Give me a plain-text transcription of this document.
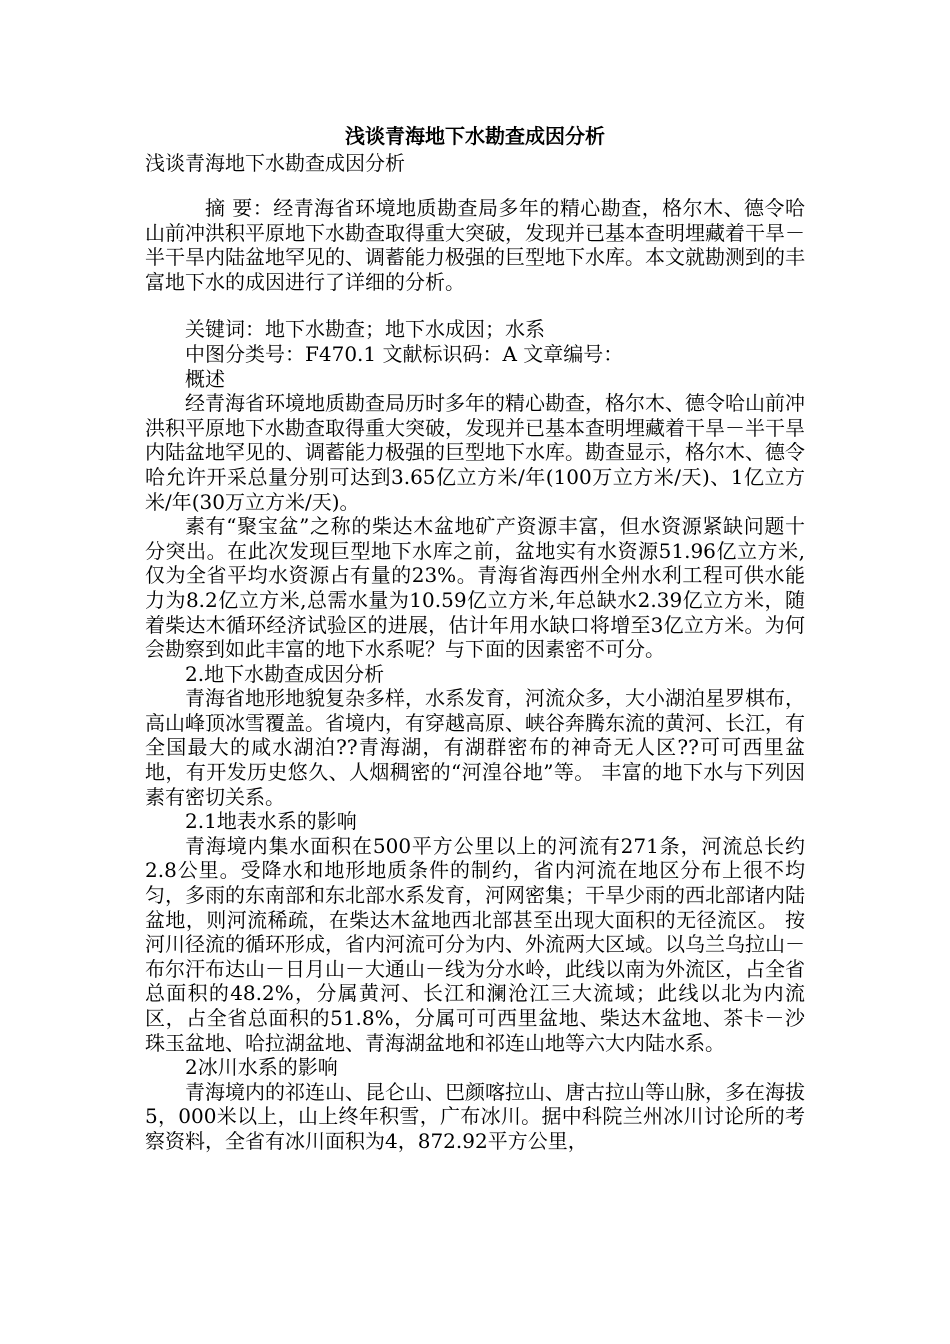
浅谈青海地下水勘查成因分析

浅谈青海地下水勘查成因分析

摘 要：经青海省环境地质勘查局多年的精心勘查，格尔木、德令哈山前冲洪积平原地下水勘查取得重大突破，发现并已基本查明埋藏着干旱－半干旱内陆盆地罕见的、调蓄能力极强的巨型地下水库。本文就勘测到的丰富地下水的成因进行了详细的分析。

关键词：地下水勘查；地下水成因；水系

中图分类号：F470.1 文献标识码：A 文章编号：

概述

经青海省环境地质勘查局历时多年的精心勘查，格尔木、德令哈山前冲洪积平原地下水勘查取得重大突破，发现并已基本查明埋藏着干旱－半干旱内陆盆地罕见的、调蓄能力极强的巨型地下水库。勘查显示，格尔木、德令哈允许开采总量分别可达到3.65亿立方米/年(100万立方米/天)、1亿立方米/年(30万立方米/天)。

素有“聚宝盆”之称的柴达木盆地矿产资源丰富，但水资源紧缺问题十分突出。在此次发现巨型地下水库之前，盆地实有水资源51.96亿立方米,仅为全省平均水资源占有量的23%。青海省海西州全州水利工程可供水能力为8.2亿立方米,总需水量为10.59亿立方米,年总缺水2.39亿立方米，随着柴达木循环经济试验区的进展，估计年用水缺口将增至3亿立方米。为何会勘察到如此丰富的地下水系呢？与下面的因素密不可分。

2.地下水勘查成因分析

青海省地形地貌复杂多样，水系发育，河流众多，大小湖泊星罗棋布，高山峰顶冰雪覆盖。省境内，有穿越高原、峡谷奔腾东流的黄河、长江，有全国最大的咸水湖泊??青海湖，有湖群密布的神奇无人区??可可西里盆地，有开发历史悠久、人烟稠密的“河湟谷地”等。 丰富的地下水与下列因素有密切关系。

2.1地表水系的影响

青海境内集水面积在500平方公里以上的河流有271条，河流总长约2.8公里。受降水和地形地质条件的制约，省内河流在地区分布上很不均匀，多雨的东南部和东北部水系发育，河网密集；干旱少雨的西北部诸内陆盆地，则河流稀疏，在柴达木盆地西北部甚至出现大面积的无径流区。 按河川径流的循环形成，省内河流可分为内、外流两大区域。以乌兰乌拉山－布尔汗布达山－日月山－大通山－线为分水岭，此线以南为外流区，占全省总面积的48.2%，分属黄河、长江和澜沧江三大流域；此线以北为内流区，占全省总面积的51.8%，分属可可西里盆地、柴达木盆地、茶卡－沙珠玉盆地、哈拉湖盆地、青海湖盆地和祁连山地等六大内陆水系。

2冰川水系的影响

青海境内的祁连山、昆仑山、巴颜喀拉山、唐古拉山等山脉，多在海拔5，000米以上，山上终年积雪，广布冰川。据中科院兰州冰川讨论所的考察资料，全省有冰川面积为4，872.92平方公里，
